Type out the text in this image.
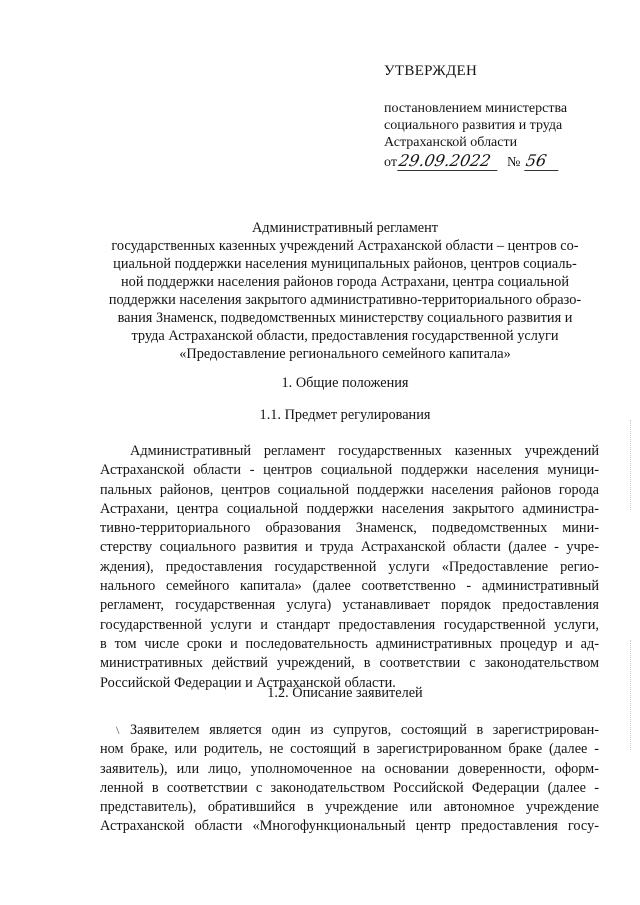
УТВЕРЖДЕН
постановлением министерства
социального развития и труда
Астраханской области
от 29.09.2022	№ 56
Административный регламент
государственных казенных учреждений Астраханской области – центров со-
циальной поддержки населения муниципальных районов, центров социаль-
ной поддержки населения районов города Астрахани, центра социальной
поддержки населения закрытого административно-территориального образо-
вания Знаменск, подведомственных министерству социального развития и
труда Астраханской области, предоставления государственной услуги
«Предоставление регионального семейного капитала»
1. Общие положения
1.1. Предмет регулирования
Административный регламент государственных казенных учреждений
Астраханской области - центров социальной поддержки населения муници-
пальных районов, центров социальной поддержки населения районов города
Астрахани, центра социальной поддержки населения закрытого администра-
тивно-территориального образования Знаменск, подведомственных мини-
стерству социального развития и труда Астраханской области (далее - учре-
ждения), предоставления государственной услуги «Предоставление регио-
нального семейного капитала» (далее соответственно - административный
регламент, государственная услуга) устанавливает порядок предоставления
государственной услуги и стандарт предоставления государственной услуги,
в том числе сроки и последовательность административных процедур и ад-
министративных действий учреждений, в соответствии с законодательством
Российской Федерации и Астраханской области.
1.2. Описание заявителей
\ Заявителем является один из супругов, состоящий в зарегистрирован-
ном браке, или родитель, не состоящий в зарегистрированном браке (далее -
заявитель), или лицо, уполномоченное на основании доверенности, оформ-
ленной в соответствии с законодательством Российской Федерации (далее -
представитель), обратившийся в учреждение или автономное учреждение
Астраханской области «Многофункциональный центр предоставления госу-
